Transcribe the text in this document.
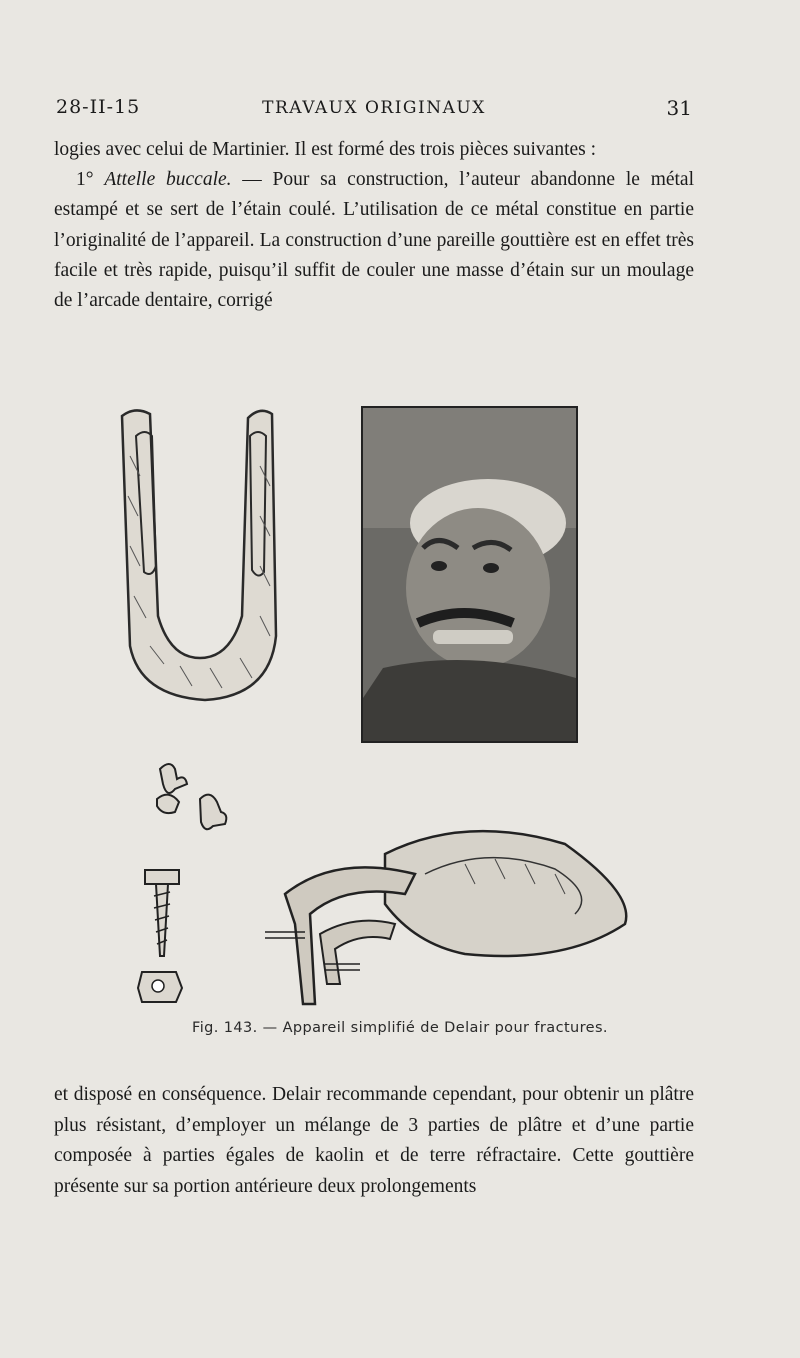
28-II-15	TRAVAUX ORIGINAUX	31

logies avec celui de Martinier. Il est formé des trois pièces suivantes :

1° Attelle buccale. — Pour sa construction, l’auteur abandonne le métal estampé et se sert de l’étain coulé. L’utilisation de ce métal constitue en partie l’originalité de l’appareil. La construction d’une pareille gouttière est en effet très facile et très rapide, puisqu’il suffit de couler une masse d’étain sur un moulage de l’arcade dentaire, corrigé

Fig. 143. — Appareil simplifié de Delair pour fractures.

et disposé en conséquence. Delair recommande cependant, pour obtenir un plâtre plus résistant, d’employer un mélange de 3 parties de plâtre et d’une partie composée à parties égales de kaolin et de terre réfractaire. Cette gouttière présente sur sa portion antérieure deux prolongements
